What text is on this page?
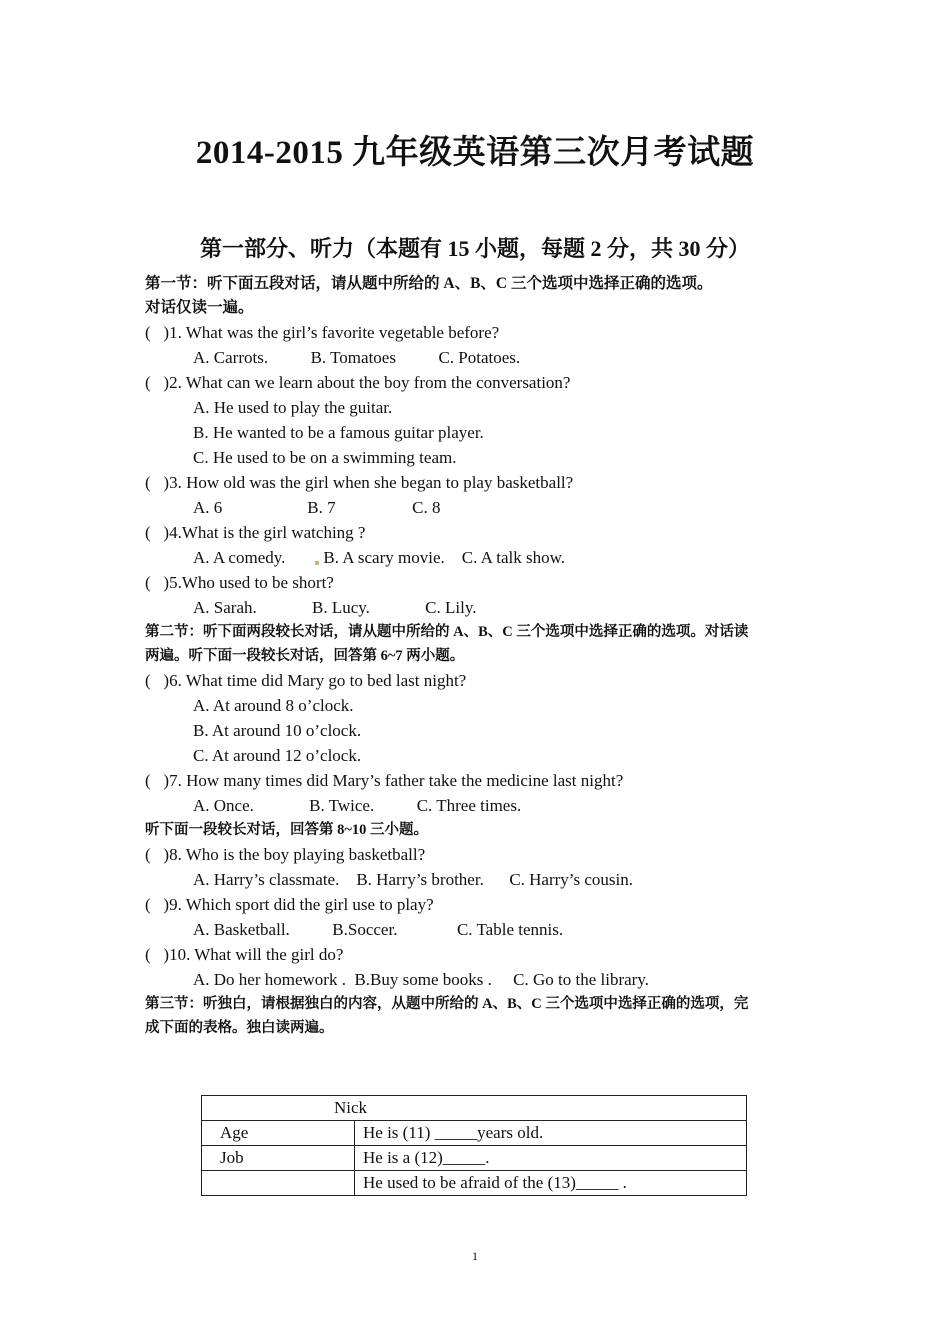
2014-2015 九年级英语第三次月考试题
第一部分、听力（本题有 15 小题，每题 2 分，共 30 分）
第一节：听下面五段对话，请从题中所给的 A、B、C 三个选项中选择正确的选项。
对话仅读一遍。
(   )1. What was the girl’s favorite vegetable before?
A. Carrots.          B. Tomatoes          C. Potatoes.
(   )2. What can we learn about the boy from the conversation?
A. He used to play the guitar.
B. He wanted to be a famous guitar player.
C. He used to be on a swimming team.
(   )3. How old was the girl when she began to play basketball?
A. 6                    B. 7                  C. 8
(   )4.What is the girl watching ?
A. A comedy.        B. A scary movie.    C. A talk show.
(   )5.Who used to be short?
A. Sarah.             B. Lucy.             C. Lily.
第二节：听下面两段较长对话，请从题中所给的 A、B、C 三个选项中选择正确的选项。对话读
两遍。听下面一段较长对话，回答第 6~7 两小题。
(   )6. What time did Mary go to bed last night?
A. At around 8 o’clock.
B. At around 10 o’clock.
C. At around 12 o’clock.
(   )7. How many times did Mary’s father take the medicine last night?
A. Once.             B. Twice.          C. Three times.
听下面一段较长对话，回答第 8~10 三小题。
(   )8. Who is the boy playing basketball?
A. Harry’s classmate.    B. Harry’s brother.      C. Harry’s cousin.
(   )9. Which sport did the girl use to play?
A. Basketball.          B.Soccer.              C. Table tennis.
(   )10. What will the girl do?
A. Do her homework .  B.Buy some books .     C. Go to the library.
第三节：听独白，请根据独白的内容，从题中所给的 A、B、C 三个选项中选择正确的选项，完
成下面的表格。独白读两遍。
Nick	
Age	He is (11) _____years old.
Job	He is a (12)_____.
	He used to be afraid of the (13)_____ .
1
